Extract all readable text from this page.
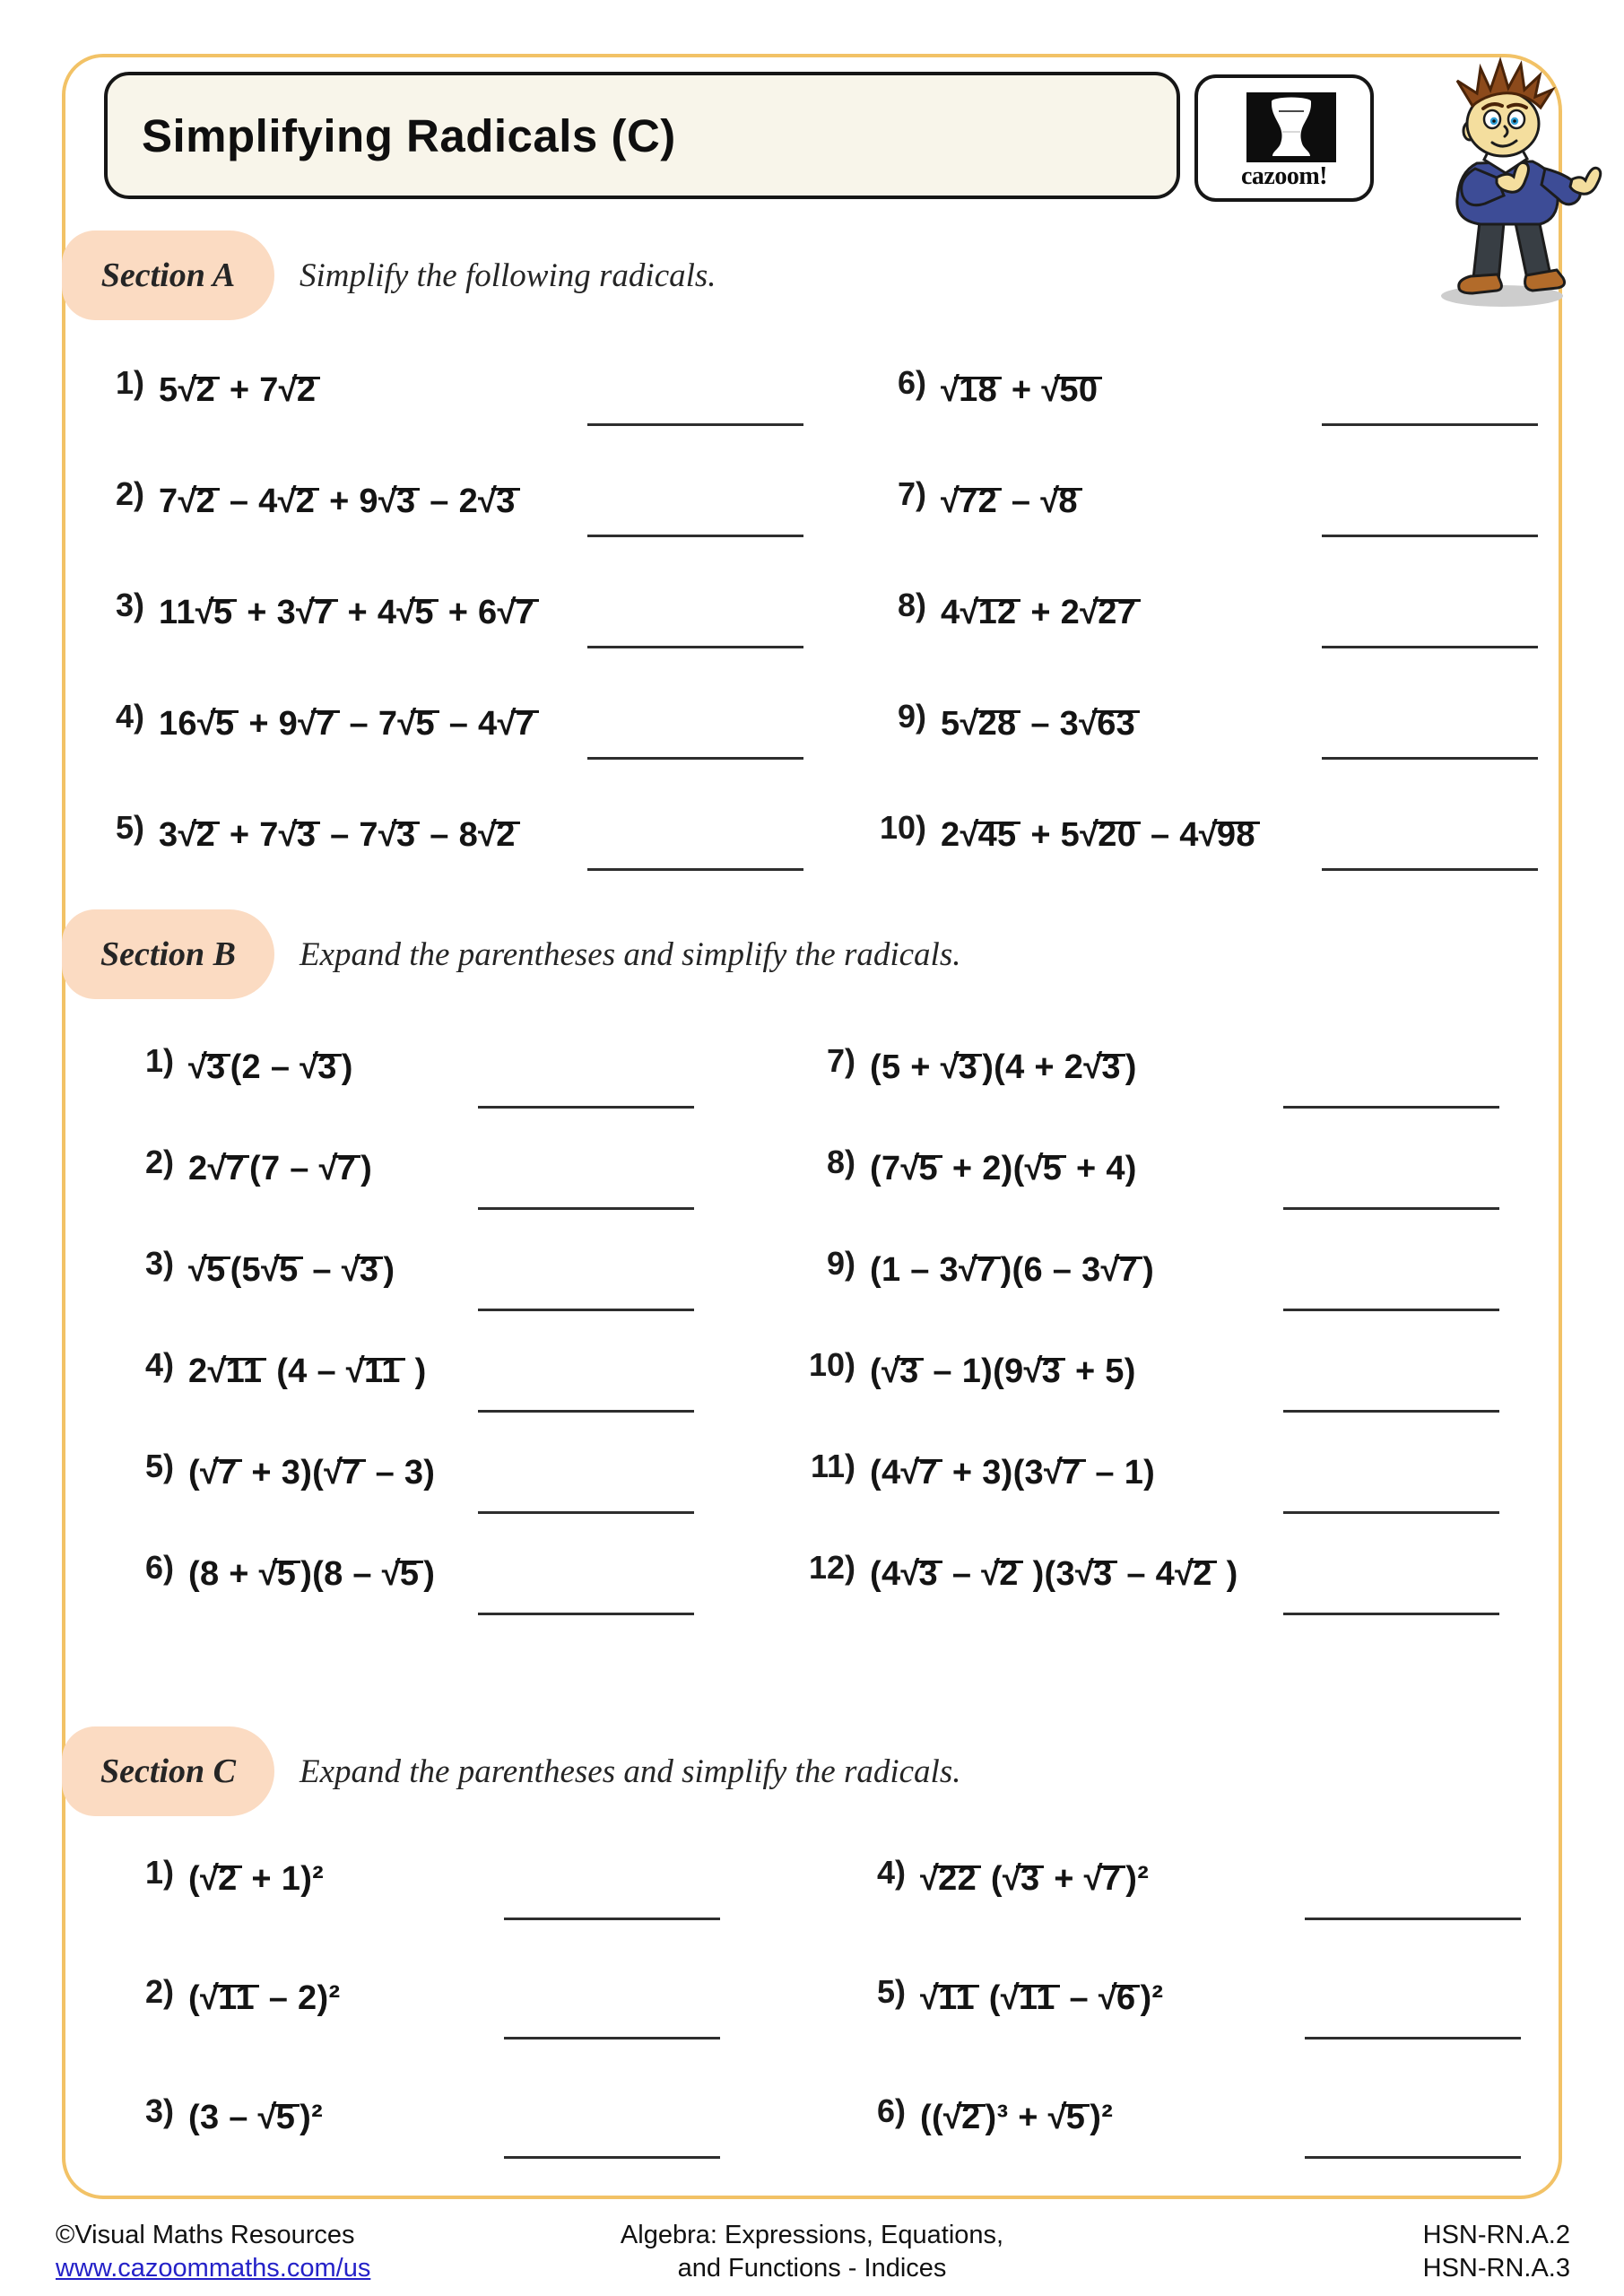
Simplifying Radicals (C)
cazoom!
Section A Simplify the following radicals.
1) 5√2 + 7√2
2) 7√2 – 4√2 + 9√3 – 2√3
3) 11√5 + 3√7 + 4√5 + 6√7
4) 16√5 + 9√7 – 7√5 – 4√7
5) 3√2 + 7√3 – 7√3 – 8√2
6) √18 + √50
7) √72 – √8
8) 4√12 + 2√27
9) 5√28 – 3√63
10) 2√45 + 5√20 – 4√98
Section B Expand the parentheses and simplify the radicals.
1) √3 (2 – √3 )
2) 2√7 (7 – √7 )
3) √5 (5√5 – √3 )
4) 2√11 (4 – √11 )
5) (√7 + 3)(√7 – 3)
6) (8 + √5 )(8 – √5 )
7) (5 + √3 )(4 + 2√3 )
8) (7√5 + 2)(√5 + 4)
9) (1 – 3√7 )(6 – 3√7 )
10) (√3 – 1)(9√3 + 5)
11) (4√7 + 3)(3√7 – 1)
12) (4√3 – √2 )(3√3 – 4√2 )
Section C Expand the parentheses and simplify the radicals.
1) (√2 + 1)²
2) (√11 – 2)²
3) (3 – √5 )²
4) √22 (√3 + √7 )²
5) √11 (√11 – √6 )²
6) ((√2 )³ + √5 )²
©Visual Maths Resources
www.cazoommaths.com/us
Algebra: Expressions, Equations,
and Functions - Indices
HSN-RN.A.2
HSN-RN.A.3
